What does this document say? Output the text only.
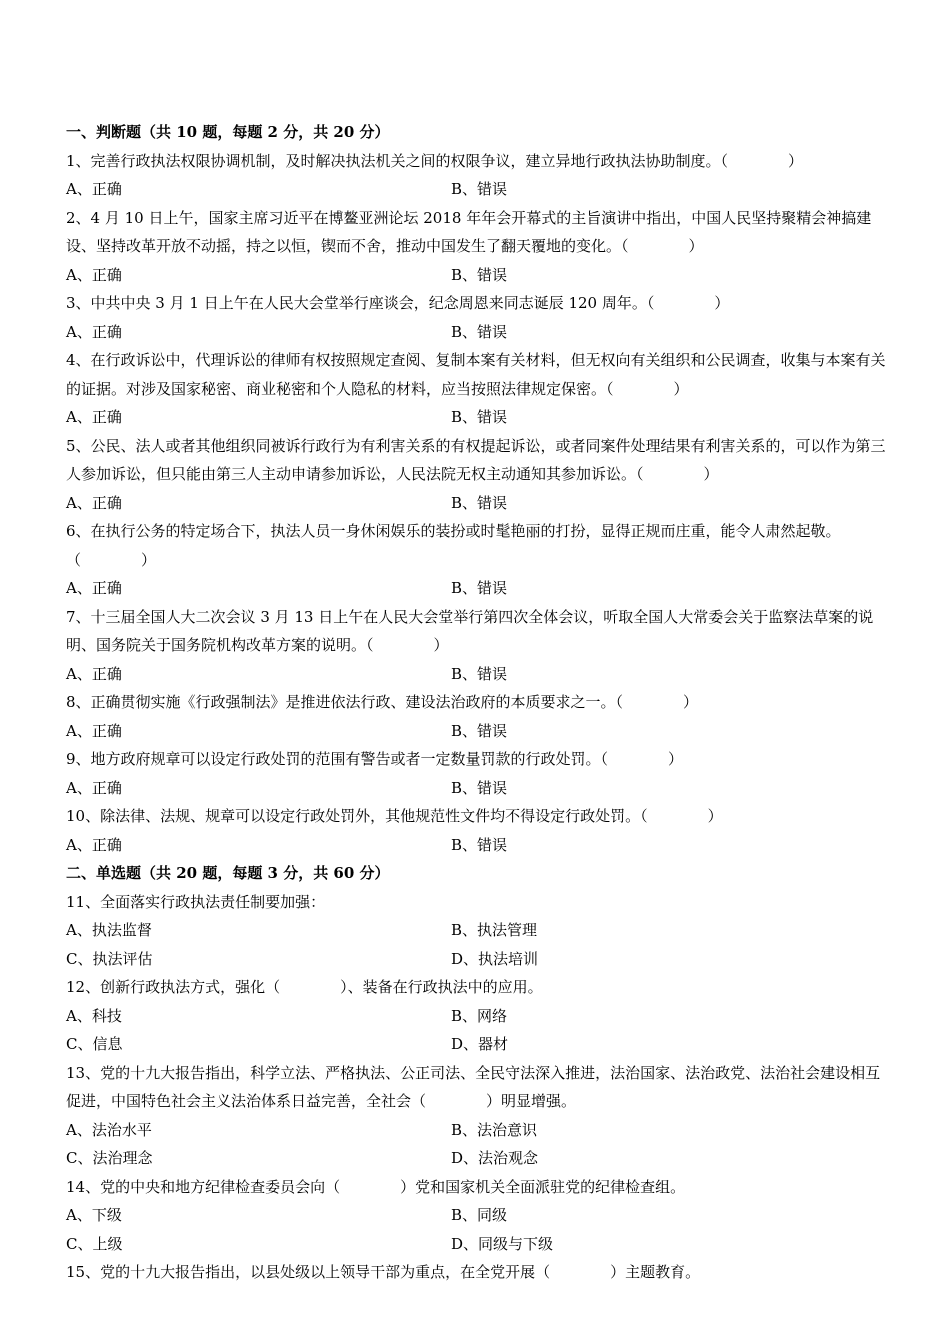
一、判断题（共 10 题，每题 2 分，共 20 分）

1、完善行政执法权限协调机制，及时解决执法机关之间的权限争议，建立异地行政执法协助制度。（　　　　）

A、正确	B、错误

2、4 月 10 日上午，国家主席习近平在博鳌亚洲论坛 2018 年年会开幕式的主旨演讲中指出，中国人民坚持聚精会神搞建设、坚持改革开放不动摇，持之以恒，锲而不舍，推动中国发生了翻天覆地的变化。（　　　　）

A、正确	B、错误

3、中共中央 3 月 1 日上午在人民大会堂举行座谈会，纪念周恩来同志诞辰 120 周年。（　　　　）

A、正确	B、错误

4、在行政诉讼中，代理诉讼的律师有权按照规定查阅、复制本案有关材料，但无权向有关组织和公民调查，收集与本案有关的证据。对涉及国家秘密、商业秘密和个人隐私的材料，应当按照法律规定保密。（　　　　）

A、正确	B、错误

5、公民、法人或者其他组织同被诉行政行为有利害关系的有权提起诉讼，或者同案件处理结果有利害关系的，可以作为第三人参加诉讼，但只能由第三人主动申请参加诉讼，人民法院无权主动通知其参加诉讼。（　　　　）

A、正确	B、错误

6、在执行公务的特定场合下，执法人员一身休闲娱乐的装扮或时髦艳丽的打扮，显得正规而庄重，能令人肃然起敬。（　　　　）

A、正确	B、错误

7、十三届全国人大二次会议 3 月 13 日上午在人民大会堂举行第四次全体会议，听取全国人大常委会关于监察法草案的说明、国务院关于国务院机构改革方案的说明。（　　　　）

A、正确	B、错误

8、正确贯彻实施《行政强制法》是推进依法行政、建设法治政府的本质要求之一。（　　　　）

A、正确	B、错误

9、地方政府规章可以设定行政处罚的范围有警告或者一定数量罚款的行政处罚。（　　　　）

A、正确	B、错误

10、除法律、法规、规章可以设定行政处罚外，其他规范性文件均不得设定行政处罚。（　　　　）

A、正确	B、错误
二、单选题（共 20 题，每题 3 分，共 60 分）

11、全面落实行政执法责任制要加强：

A、执法监督	B、执法管理
C、执法评估	D、执法培训

12、创新行政执法方式，强化（　　　　）、装备在行政执法中的应用。

A、科技	B、网络
C、信息	D、器材

13、党的十九大报告指出，科学立法、严格执法、公正司法、全民守法深入推进，法治国家、法治政党、法治社会建设相互促进，中国特色社会主义法治体系日益完善，全社会（　　　　）明显增强。

A、法治水平	B、法治意识
C、法治理念	D、法治观念

14、党的中央和地方纪律检查委员会向（　　　　）党和国家机关全面派驻党的纪律检查组。

A、下级	B、同级
C、上级	D、同级与下级

15、党的十九大报告指出，以县处级以上领导干部为重点，在全党开展（　　　　）主题教育。
